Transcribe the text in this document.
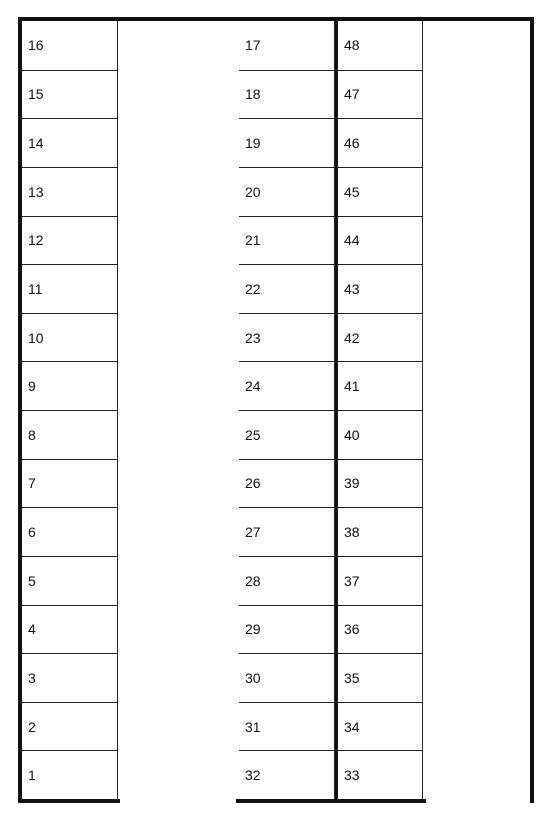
16
15
14
13
12
11
10
9
8
7
6
5
4
3
2
1
17
18
19
20
21
22
23
24
25
26
27
28
29
30
31
32
48
47
46
45
44
43
42
41
40
39
38
37
36
35
34
33
